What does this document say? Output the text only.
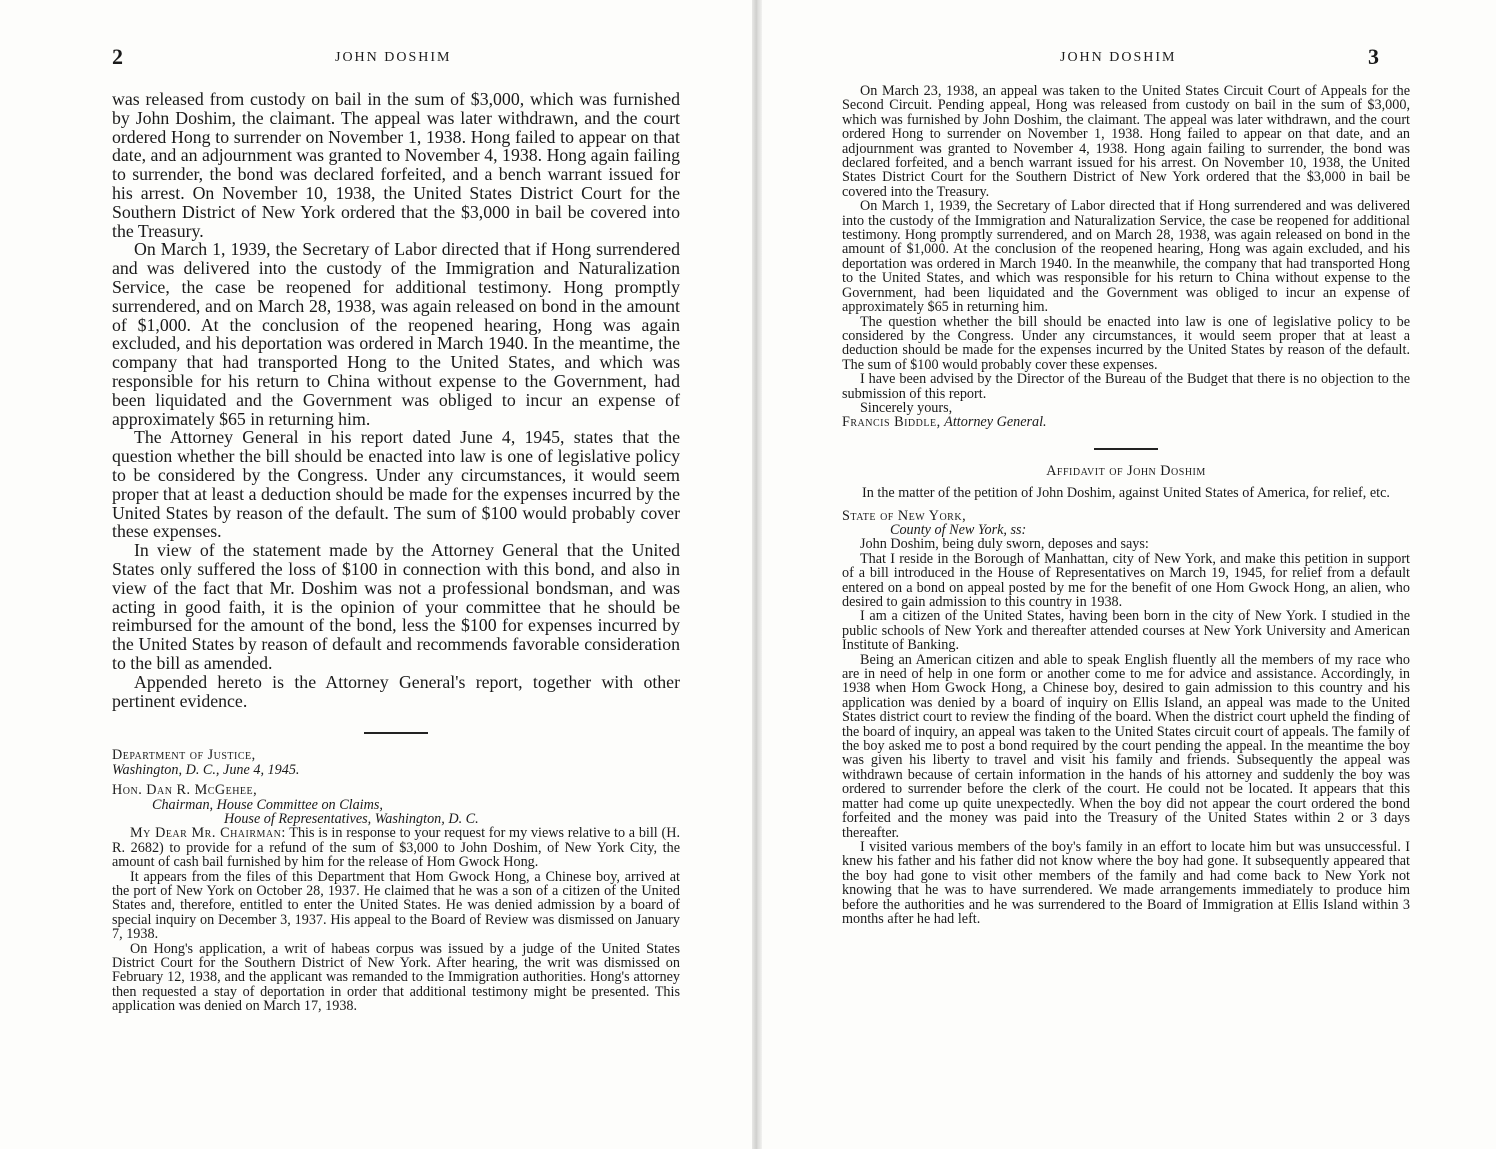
2	JOHN DOSHIM

was released from custody on bail in the sum of $3,000, which was furnished by John Doshim, the claimant. The appeal was later withdrawn, and the court ordered Hong to surrender on November 1, 1938. Hong failed to appear on that date, and an adjournment was granted to November 4, 1938. Hong again failing to surrender, the bond was declared forfeited, and a bench warrant issued for his arrest. On November 10, 1938, the United States District Court for the Southern District of New York ordered that the $3,000 in bail be covered into the Treasury.

On March 1, 1939, the Secretary of Labor directed that if Hong surrendered and was delivered into the custody of the Immigration and Naturalization Service, the case be reopened for additional testimony. Hong promptly surrendered, and on March 28, 1938, was again released on bond in the amount of $1,000. At the conclusion of the reopened hearing, Hong was again excluded, and his deportation was ordered in March 1940. In the meantime, the company that had transported Hong to the United States, and which was responsible for his return to China without expense to the Government, had been liquidated and the Government was obliged to incur an expense of approximately $65 in returning him.

The Attorney General in his report dated June 4, 1945, states that the question whether the bill should be enacted into law is one of legislative policy to be considered by the Congress. Under any circumstances, it would seem proper that at least a deduction should be made for the expenses incurred by the United States by reason of the default. The sum of $100 would probably cover these expenses.

In view of the statement made by the Attorney General that the United States only suffered the loss of $100 in connection with this bond, and also in view of the fact that Mr. Doshim was not a professional bondsman, and was acting in good faith, it is the opinion of your committee that he should be reimbursed for the amount of the bond, less the $100 for expenses incurred by the United States by reason of default and recommends favorable consideration to the bill as amended.

Appended hereto is the Attorney General's report, together with other pertinent evidence.

Department of Justice,

Washington, D. C., June 4, 1945.

Hon. Dan R. McGehee,

Chairman, House Committee on Claims,

House of Representatives, Washington, D. C.

My Dear Mr. Chairman: This is in response to your request for my views relative to a bill (H. R. 2682) to provide for a refund of the sum of $3,000 to John Doshim, of New York City, the amount of cash bail furnished by him for the release of Hom Gwock Hong.

It appears from the files of this Department that Hom Gwock Hong, a Chinese boy, arrived at the port of New York on October 28, 1937. He claimed that he was a son of a citizen of the United States and, therefore, entitled to enter the United States. He was denied admission by a board of special inquiry on December 3, 1937. His appeal to the Board of Review was dismissed on January 7, 1938.

On Hong's application, a writ of habeas corpus was issued by a judge of the United States District Court for the Southern District of New York. After hearing, the writ was dismissed on February 12, 1938, and the applicant was remanded to the Immigration authorities. Hong's attorney then requested a stay of deportation in order that additional testimony might be presented. This application was denied on March 17, 1938.

JOHN DOSHIM	3

On March 23, 1938, an appeal was taken to the United States Circuit Court of Appeals for the Second Circuit. Pending appeal, Hong was released from custody on bail in the sum of $3,000, which was furnished by John Doshim, the claimant. The appeal was later withdrawn, and the court ordered Hong to surrender on November 1, 1938. Hong failed to appear on that date, and an adjournment was granted to November 4, 1938. Hong again failing to surrender, the bond was declared forfeited, and a bench warrant issued for his arrest. On November 10, 1938, the United States District Court for the Southern District of New York ordered that the $3,000 in bail be covered into the Treasury.

On March 1, 1939, the Secretary of Labor directed that if Hong surrendered and was delivered into the custody of the Immigration and Naturalization Service, the case be reopened for additional testimony. Hong promptly surrendered, and on March 28, 1938, was again released on bond in the amount of $1,000. At the conclusion of the reopened hearing, Hong was again excluded, and his deportation was ordered in March 1940. In the meanwhile, the company that had transported Hong to the United States, and which was responsible for his return to China without expense to the Government, had been liquidated and the Government was obliged to incur an expense of approximately $65 in returning him.

The question whether the bill should be enacted into law is one of legislative policy to be considered by the Congress. Under any circumstances, it would seem proper that at least a deduction should be made for the expenses incurred by the United States by reason of the default. The sum of $100 would probably cover these expenses.

I have been advised by the Director of the Bureau of the Budget that there is no objection to the submission of this report.

Sincerely yours,

Francis Biddle, Attorney General.

Affidavit of John Doshim

In the matter of the petition of John Doshim, against United States of America, for relief, etc.

State of New York,

County of New York, ss:

John Doshim, being duly sworn, deposes and says:

That I reside in the Borough of Manhattan, city of New York, and make this petition in support of a bill introduced in the House of Representatives on March 19, 1945, for relief from a default entered on a bond on appeal posted by me for the benefit of one Hom Gwock Hong, an alien, who desired to gain admission to this country in 1938.

I am a citizen of the United States, having been born in the city of New York. I studied in the public schools of New York and thereafter attended courses at New York University and American Institute of Banking.

Being an American citizen and able to speak English fluently all the members of my race who are in need of help in one form or another come to me for advice and assistance. Accordingly, in 1938 when Hom Gwock Hong, a Chinese boy, desired to gain admission to this country and his application was denied by a board of inquiry on Ellis Island, an appeal was made to the United States district court to review the finding of the board. When the district court upheld the finding of the board of inquiry, an appeal was taken to the United States circuit court of appeals. The family of the boy asked me to post a bond required by the court pending the appeal. In the meantime the boy was given his liberty to travel and visit his family and friends. Subsequently the appeal was withdrawn because of certain information in the hands of his attorney and suddenly the boy was ordered to surrender before the clerk of the court. He could not be located. It appears that this matter had come up quite unexpectedly. When the boy did not appear the court ordered the bond forfeited and the money was paid into the Treasury of the United States within 2 or 3 days thereafter.

I visited various members of the boy's family in an effort to locate him but was unsuccessful. I knew his father and his father did not know where the boy had gone. It subsequently appeared that the boy had gone to visit other members of the family and had come back to New York not knowing that he was to have surrendered. We made arrangements immediately to produce him before the authorities and he was surrendered to the Board of Immigration at Ellis Island within 3 months after he had left.
